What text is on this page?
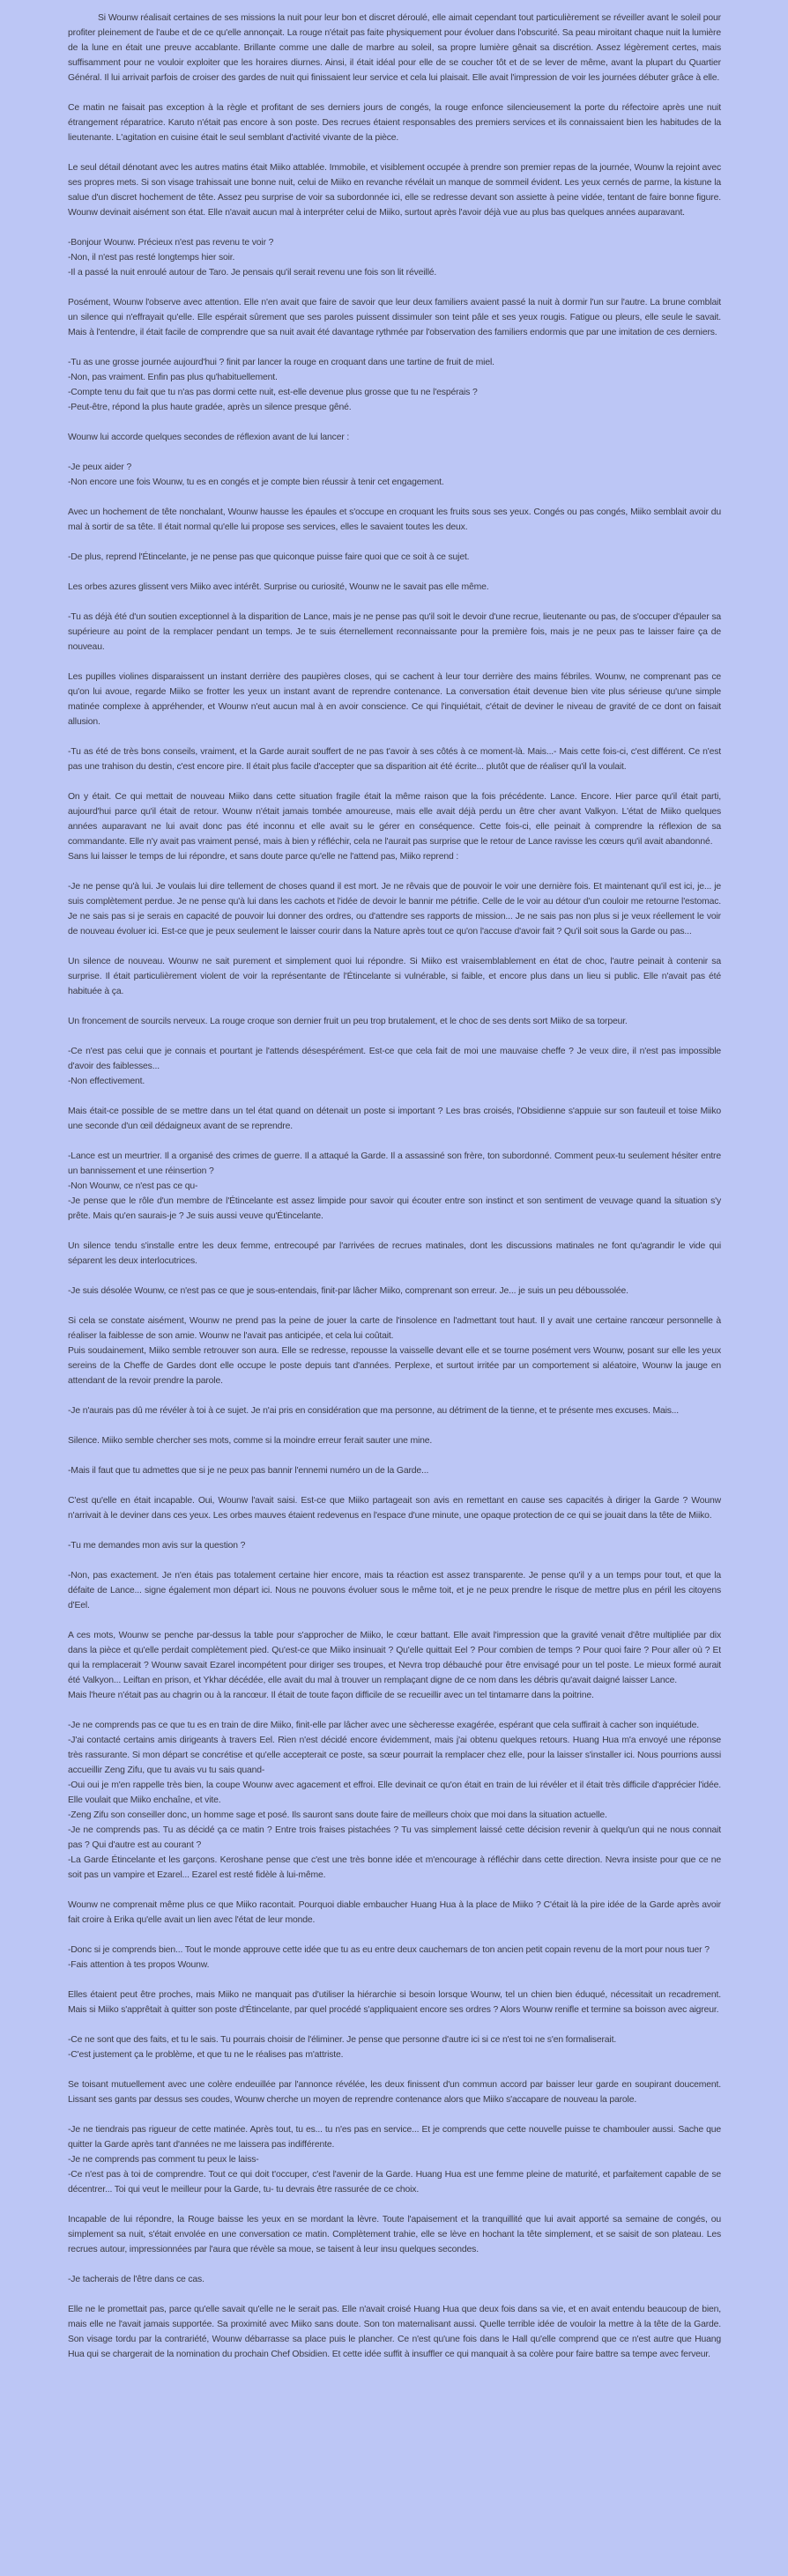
Si Wounw réalisait certaines de ses missions la nuit pour leur bon et discret déroulé, elle aimait cependant tout particulièrement se réveiller avant le soleil pour profiter pleinement de l'aube et de ce qu'elle annonçait. La rouge n'était pas faite physiquement pour évoluer dans l'obscurité. Sa peau miroitant chaque nuit la lumière de la lune en était une preuve accablante. Brillante comme une dalle de marbre au soleil, sa propre lumière gênait sa discrétion. Assez légèrement certes, mais suffisamment pour ne vouloir exploiter que les horaires diurnes. Ainsi, il était idéal pour elle de se coucher tôt et de se lever de même, avant la plupart du Quartier Général. Il lui arrivait parfois de croiser des gardes de nuit qui finissaient leur service et cela lui plaisait. Elle avait l'impression de voir les journées débuter grâce à elle.
Ce matin ne faisait pas exception à la règle et profitant de ses derniers jours de congés, la rouge enfonce silencieusement la porte du réfectoire après une nuit étrangement réparatrice. Karuto n'était pas encore à son poste. Des recrues étaient responsables des premiers services et ils connaissaient bien les habitudes de la lieutenante. L'agitation en cuisine était le seul semblant d'activité vivante de la pièce.
Le seul détail dénotant avec les autres matins était Miiko attablée. Immobile, et visiblement occupée à prendre son premier repas de la journée, Wounw la rejoint avec ses propres mets. Si son visage trahissait une bonne nuit, celui de Miiko en revanche révélait un manque de sommeil évident. Les yeux cernés de parme, la kistune la salue d'un discret hochement de tête. Assez peu surprise de voir sa subordonnée ici, elle se redresse devant son assiette à peine vidée, tentant de faire bonne figure. Wounw devinait aisément son état. Elle n'avait aucun mal à interpréter celui de Miiko, surtout après l'avoir déjà vue au plus bas quelques années auparavant.
-Bonjour Wounw. Précieux n'est pas revenu te voir ?
-Non, il n'est pas resté longtemps hier soir.
-Il a passé la nuit enroulé autour de Taro. Je pensais qu'il serait revenu une fois son lit réveillé.
Posément, Wounw l'observe avec attention. Elle n'en avait que faire de savoir que leur deux familiers avaient passé la nuit à dormir l'un sur l'autre. La brune comblait un silence qui n'effrayait qu'elle. Elle espérait sûrement que ses paroles puissent dissimuler son teint pâle et ses yeux rougis. Fatigue ou pleurs, elle seule le savait. Mais à l'entendre, il était facile de comprendre que sa nuit avait été davantage rythmée par l'observation des familiers endormis que par une imitation de ces derniers.
-Tu as une grosse journée aujourd'hui ? finit par lancer la rouge en croquant dans une tartine de fruit de miel.
-Non, pas vraiment. Enfin pas plus qu'habituellement.
-Compte tenu du fait que tu n'as pas dormi cette nuit, est-elle devenue plus grosse que tu ne l'espérais ?
-Peut-être, répond la plus haute gradée, après un silence presque gêné.
Wounw lui accorde quelques secondes de réflexion avant de lui lancer :
-Je peux aider ?
-Non encore une fois Wounw, tu es en congés et je compte bien réussir à tenir cet engagement.
Avec un hochement de tête nonchalant, Wounw hausse les épaules et s'occupe en croquant les fruits sous ses yeux. Congés ou pas congés, Miiko semblait avoir du mal à sortir de sa tête. Il était normal qu'elle lui propose ses services, elles le savaient toutes les deux.
-De plus, reprend l'Étincelante, je ne pense pas que quiconque puisse faire quoi que ce soit à ce sujet.
Les orbes azures glissent vers Miiko avec intérêt. Surprise ou curiosité, Wounw ne le savait pas elle même.
-Tu as déjà été d'un soutien exceptionnel à la disparition de Lance, mais je ne pense pas qu'il soit le devoir d'une recrue, lieutenante ou pas, de s'occuper d'épauler sa supérieure au point de la remplacer pendant un temps. Je te suis éternellement reconnaissante pour la première fois, mais je ne peux pas te laisser faire ça de nouveau.
Les pupilles violines disparaissent un instant derrière des paupières closes, qui se cachent à leur tour derrière des mains fébriles. Wounw, ne comprenant pas ce qu'on lui avoue, regarde Miiko se frotter les yeux un instant avant de reprendre contenance. La conversation était devenue bien vite plus sérieuse qu'une simple matinée complexe à appréhender, et Wounw n'eut aucun mal à en avoir conscience. Ce qui l'inquiétait, c'était de deviner le niveau de gravité de ce dont on faisait allusion.
-Tu as été de très bons conseils, vraiment, et la Garde aurait souffert de ne pas t'avoir à ses côtés à ce moment-là. Mais...- Mais cette fois-ci, c'est différent. Ce n'est pas une trahison du destin, c'est encore pire. Il était plus facile d'accepter que sa disparition ait été écrite... plutôt que de réaliser qu'il la voulait.
On y était. Ce qui mettait de nouveau Miiko dans cette situation fragile était la même raison que la fois précédente. Lance. Encore. Hier parce qu'il était parti, aujourd'hui parce qu'il était de retour. Wounw n'était jamais tombée amoureuse, mais elle avait déjà perdu un être cher avant Valkyon. L'état de Miiko quelques années auparavant ne lui avait donc pas été inconnu et elle avait su le gérer en conséquence. Cette fois-ci, elle peinait à comprendre la réflexion de sa commandante. Elle n'y avait pas vraiment pensé, mais à bien y réfléchir, cela ne l'aurait pas surprise que le retour de Lance ravisse les cœurs qu'il avait abandonné.
Sans lui laisser le temps de lui répondre, et sans doute parce qu'elle ne l'attend pas, Miiko reprend :
-Je ne pense qu'à lui. Je voulais lui dire tellement de choses quand il est mort. Je ne rêvais que de pouvoir le voir une dernière fois. Et maintenant qu'il est ici, je... je suis complètement perdue. Je ne pense qu'à lui dans les cachots et l'idée de devoir le bannir me pétrifie. Celle de le voir au détour d'un couloir me retourne l'estomac. Je ne sais pas si je serais en capacité de pouvoir lui donner des ordres, ou d'attendre ses rapports de mission... Je ne sais pas non plus si je veux réellement le voir de nouveau évoluer ici. Est-ce que je peux seulement le laisser courir dans la Nature après tout ce qu'on l'accuse d'avoir fait ? Qu'il soit sous la Garde ou pas...
Un silence de nouveau. Wounw ne sait purement et simplement quoi lui répondre. Si Miiko est vraisemblablement en état de choc, l'autre peinait à contenir sa surprise. Il était particulièrement violent de voir la représentante de l'Étincelante si vulnérable, si faible, et encore plus dans un lieu si public. Elle n'avait pas été habituée à ça.
Un froncement de sourcils nerveux. La rouge croque son dernier fruit un peu trop brutalement, et le choc de ses dents sort Miiko de sa torpeur.
-Ce n'est pas celui que je connais et pourtant je l'attends désespérément. Est-ce que cela fait de moi une mauvaise cheffe ? Je veux dire, il n'est pas impossible d'avoir des faiblesses...
-Non effectivement.
Mais était-ce possible de se mettre dans un tel état quand on détenait un poste si important ? Les bras croisés, l'Obsidienne s'appuie sur son fauteuil et toise Miiko une seconde d'un œil dédaigneux avant de se reprendre.
-Lance est un meurtrier. Il a organisé des crimes de guerre. Il a attaqué la Garde. Il a assassiné son frère, ton subordonné. Comment peux-tu seulement hésiter entre un bannissement et une réinsertion ?
-Non Wounw, ce n'est pas ce qu-
-Je pense que le rôle d'un membre de l'Étincelante est assez limpide pour savoir qui écouter entre son instinct et son sentiment de veuvage quand la situation s'y prête. Mais qu'en saurais-je ? Je suis aussi veuve qu'Étincelante.
Un silence tendu s'installe entre les deux femme, entrecoupé par l'arrivées de recrues matinales, dont les discussions matinales ne font qu'agrandir le vide qui séparent les deux interlocutrices.
-Je suis désolée Wounw, ce n'est pas ce que je sous-entendais, finit-par lâcher Miiko, comprenant son erreur. Je... je suis un peu déboussolée.
Si cela se constate aisément, Wounw ne prend pas la peine de jouer la carte de l'insolence en l'admettant tout haut. Il y avait une certaine rancœur personnelle à réaliser la faiblesse de son amie. Wounw ne l'avait pas anticipée, et cela lui coûtait.
Puis soudainement, Miiko semble retrouver son aura. Elle se redresse, repousse la vaisselle devant elle et se tourne posément vers Wounw, posant sur elle les yeux sereins de la Cheffe de Gardes dont elle occupe le poste depuis tant d'années. Perplexe, et surtout irritée par un comportement si aléatoire, Wounw la jauge en attendant de la revoir prendre la parole.
-Je n'aurais pas dû me révéler à toi à ce sujet. Je n'ai pris en considération que ma personne, au détriment de la tienne, et te présente mes excuses. Mais...
Silence. Miiko semble chercher ses mots, comme si la moindre erreur ferait sauter une mine.
-Mais il faut que tu admettes que si je ne peux pas bannir l'ennemi numéro un de la Garde...
C'est qu'elle en était incapable. Oui, Wounw l'avait saisi. Est-ce que Miiko partageait son avis en remettant en cause ses capacités à diriger la Garde ? Wounw n'arrivait à le deviner dans ces yeux. Les orbes mauves étaient redevenus en l'espace d'une minute, une opaque protection de ce qui se jouait dans la tête de Miiko.
-Tu me demandes mon avis sur la question ?
-Non, pas exactement. Je n'en étais pas totalement certaine hier encore, mais ta réaction est assez transparente. Je pense qu'il y a un temps pour tout, et que la défaite de Lance... signe également mon départ ici. Nous ne pouvons évoluer sous le même toit, et je ne peux prendre le risque de mettre plus en péril les citoyens d'Eel.
A ces mots, Wounw se penche par-dessus la table pour s'approcher de Miiko, le cœur battant. Elle avait l'impression que la gravité venait d'être multipliée par dix dans la pièce et qu'elle perdait complètement pied. Qu'est-ce que Miiko insinuait ? Qu'elle quittait Eel ? Pour combien de temps ? Pour quoi faire ? Pour aller où ? Et qui la remplacerait ? Wounw savait Ezarel incompétent pour diriger ses troupes, et Nevra trop débauché pour être envisagé pour un tel poste. Le mieux formé aurait été Valkyon... Leiftan en prison, et Ykhar décédée, elle avait du mal à trouver un remplaçant digne de ce nom dans les débris qu'avait daigné laisser Lance.
Mais l'heure n'était pas au chagrin ou à la rancœur. Il était de toute façon difficile de se recueillir avec un tel tintamarre dans la poitrine.
-Je ne comprends pas ce que tu es en train de dire Miiko, finit-elle par lâcher avec une sècheresse exagérée, espérant que cela suffirait à cacher son inquiétude.
-J'ai contacté certains amis dirigeants à travers Eel. Rien n'est décidé encore évidemment, mais j'ai obtenu quelques retours. Huang Hua m'a envoyé une réponse très rassurante. Si mon départ se concrétise et qu'elle accepterait ce poste, sa sœur pourrait la remplacer chez elle, pour la laisser s'installer ici. Nous pourrions aussi accueillir Zeng Zifu, que tu avais vu tu sais quand-
-Oui oui je m'en rappelle très bien, la coupe Wounw avec agacement et effroi. Elle devinait ce qu'on était en train de lui révéler et il était très difficile d'apprécier l'idée. Elle voulait que Miiko enchaîne, et vite.
-Zeng Zifu son conseiller donc, un homme sage et posé. Ils sauront sans doute faire de meilleurs choix que moi dans la situation actuelle.
-Je ne comprends pas. Tu as décidé ça ce matin ? Entre trois fraises pistachées ? Tu vas simplement laissé cette décision revenir à quelqu'un qui ne nous connait pas ? Qui d'autre est au courant ?
-La Garde Étincelante et les garçons. Keroshane pense que c'est une très bonne idée et m'encourage à réfléchir dans cette direction. Nevra insiste pour que ce ne soit pas un vampire et Ezarel... Ezarel est resté fidèle à lui-même.
Wounw ne comprenait même plus ce que Miiko racontait. Pourquoi diable embaucher Huang Hua à la place de Miiko ? C'était là la pire idée de la Garde après avoir fait croire à Erika qu'elle avait un lien avec l'état de leur monde.
-Donc si je comprends bien... Tout le monde approuve cette idée que tu as eu entre deux cauchemars de ton ancien petit copain revenu de la mort pour nous tuer ?
-Fais attention à tes propos Wounw.
Elles étaient peut être proches, mais Miiko ne manquait pas d'utiliser la hiérarchie si besoin lorsque Wounw, tel un chien bien éduqué, nécessitait un recadrement. Mais si Miiko s'apprêtait à quitter son poste d'Étincelante, par quel procédé s'appliquaient encore ses ordres ? Alors Wounw renifle et termine sa boisson avec aigreur.
-Ce ne sont que des faits, et tu le sais. Tu pourrais choisir de l'éliminer. Je pense que personne d'autre ici si ce n'est toi ne s'en formaliserait.
-C'est justement ça le problème, et que tu ne le réalises pas m'attriste.
Se toisant mutuellement avec une colère endeuillée par l'annonce révélée, les deux finissent d'un commun accord par baisser leur garde en soupirant doucement. Lissant ses gants par dessus ses coudes, Wounw cherche un moyen de reprendre contenance alors que Miiko s'accapare de nouveau la parole.
-Je ne tiendrais pas rigueur de cette matinée. Après tout, tu es... tu n'es pas en service... Et je comprends que cette nouvelle puisse te chambouler aussi. Sache que quitter la Garde après tant d'années ne me laissera pas indifférente.
-Je ne comprends pas comment tu peux le laiss-
-Ce n'est pas à toi de comprendre. Tout ce qui doit t'occuper, c'est l'avenir de la Garde. Huang Hua est une femme pleine de maturité, et parfaitement capable de se décentrer... Toi qui veut le meilleur pour la Garde, tu- tu devrais être rassurée de ce choix.
Incapable de lui répondre, la Rouge baisse les yeux en se mordant la lèvre. Toute l'apaisement et la tranquillité que lui avait apporté sa semaine de congés, ou simplement sa nuit, s'était envolée en une conversation ce matin. Complètement trahie, elle se lève en hochant la tête simplement, et se saisit de son plateau. Les recrues autour, impressionnées par l'aura que révèle sa moue, se taisent à leur insu quelques secondes.
-Je tacherais de l'être dans ce cas.
Elle ne le promettait pas, parce qu'elle savait qu'elle ne le serait pas. Elle n'avait croisé Huang Hua que deux fois dans sa vie, et en avait entendu beaucoup de bien, mais elle ne l'avait jamais supportée. Sa proximité avec Miiko sans doute. Son ton maternalisant aussi. Quelle terrible idée de vouloir la mettre à la tête de la Garde. Son visage tordu par la contrariété, Wounw débarrasse sa place puis le plancher. Ce n'est qu'une fois dans le Hall qu'elle comprend que ce n'est autre que Huang Hua qui se chargerait de la nomination du prochain Chef Obsidien. Et cette idée suffit à insuffler ce qui manquait à sa colère pour faire battre sa tempe avec ferveur.
